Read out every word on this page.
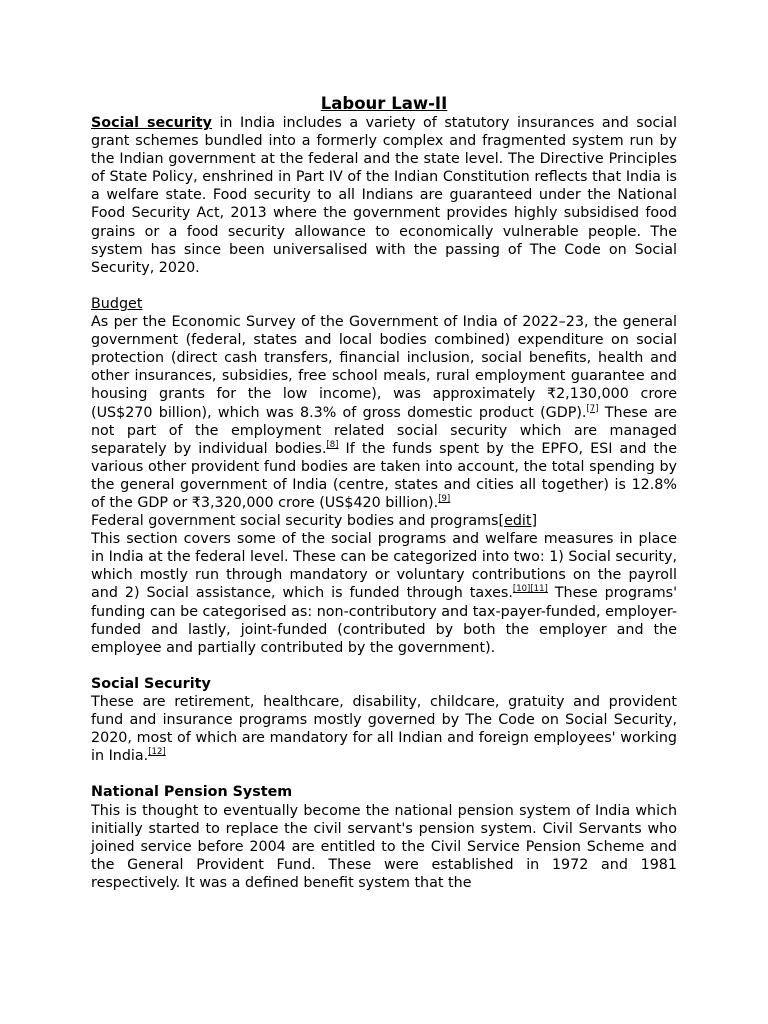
Labour Law-II

Social security in India includes a variety of statutory insurances and social grant schemes bundled into a formerly complex and fragmented system run by the Indian government at the federal and the state level. The Directive Principles of State Policy, enshrined in Part IV of the Indian Constitution reflects that India is a welfare state. Food security to all Indians are guaranteed under the National Food Security Act, 2013 where the government provides highly subsidised food grains or a food security allowance to economically vulnerable people. The system has since been universalised with the passing of The Code on Social Security, 2020.

Budget

As per the Economic Survey of the Government of India of 2022–23, the general government (federal, states and local bodies combined) expenditure on social protection (direct cash transfers, financial inclusion, social benefits, health and other insurances, subsidies, free school meals, rural employment guarantee and housing grants for the low income), was approximately ₹2,130,000 crore (US$270 billion), which was 8.3% of gross domestic product (GDP).[7] These are not part of the employment related social security which are managed separately by individual bodies.[8] If the funds spent by the EPFO, ESI and the various other provident fund bodies are taken into account, the total spending by the general government of India (centre, states and cities all together) is 12.8% of the GDP or ₹3,320,000 crore (US$420 billion).[9]

Federal government social security bodies and programs[edit]

This section covers some of the social programs and welfare measures in place in India at the federal level. These can be categorized into two: 1) Social security, which mostly run through mandatory or voluntary contributions on the payroll and 2) Social assistance, which is funded through taxes.[10][11] These programs' funding can be categorised as: non-contributory and tax-payer-funded, employer-funded and lastly, joint-funded (contributed by both the employer and the employee and partially contributed by the government).

Social Security

These are retirement, healthcare, disability, childcare, gratuity and provident fund and insurance programs mostly governed by The Code on Social Security, 2020, most of which are mandatory for all Indian and foreign employees' working in India.[12]

National Pension System

This is thought to eventually become the national pension system of India which initially started to replace the civil servant's pension system. Civil Servants who joined service before 2004 are entitled to the Civil Service Pension Scheme and the General Provident Fund. These were established in 1972 and 1981 respectively. It was a defined benefit system that the
